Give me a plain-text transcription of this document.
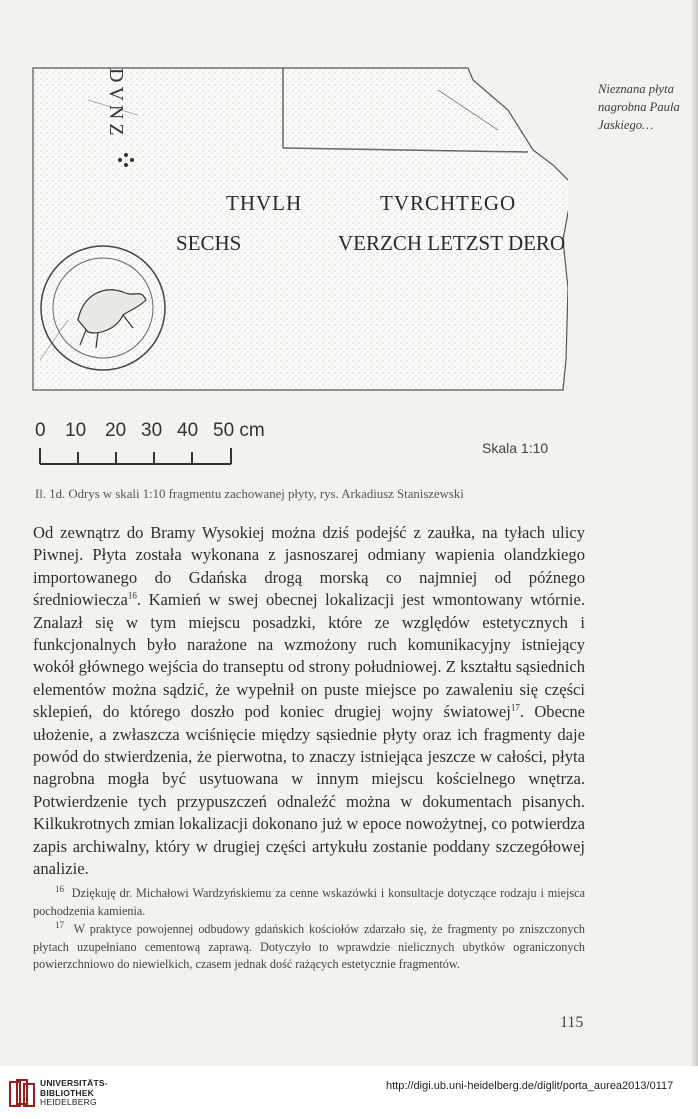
DVNZ
THVLH	TVRCHTEGO
SECHS	VERZCH LETZST DERO
0 10 20 30 40 50 cm
Skala 1:10
Nieznana płyta nagrobna Paula Jaskiego…
Il. 1d. Odrys w skali 1:10 fragmentu zachowanej płyty, rys. Arkadiusz Staniszewski

Od zewnątrz do Bramy Wysokiej można dziś podejść z zaułka, na tyłach ulicy Piwnej. Płyta została wykonana z jasnoszarej odmiany wapienia olandzkiego importowanego do Gdańska drogą morską co najmniej od późnego średniowiecza$^{16}$. Kamień w swej obecnej lokalizacji jest wmontowany wtórnie. Znalazł się w tym miejscu posadzki, które ze względów estetycznych i funkcjonalnych było narażone na wzmożony ruch komunikacyjny istniejący wokół głównego wejścia do transeptu od strony południowej. Z kształtu sąsiednich elementów można sądzić, że wypełnił on puste miejsce po zawaleniu się części sklepień, do którego doszło pod koniec drugiej wojny światowej$^{17}$. Obecne ułożenie, a zwłaszcza wciśnięcie między sąsiednie płyty oraz ich fragmenty daje powód do stwierdzenia, że pierwotna, to znaczy istniejąca jeszcze w całości, płyta nagrobna mogła być usytuowana w innym miejscu kościelnego wnętrza. Potwierdzenie tych przypuszczeń odnaleźć można w dokumentach pisanych. Kilkukrotnych zmian lokalizacji dokonano już w epoce nowożytnej, co potwierdza zapis archiwalny, który w drugiej części artykułu zostanie poddany szczegółowej analizie.

$^{16}$ Dziękuję dr. Michałowi Wardzyńskiemu za cenne wskazówki i konsultacje dotyczące rodzaju i miejsca pochodzenia kamienia.

$^{17}$ W praktyce powojennej odbudowy gdańskich kościołów zdarzało się, że fragmenty po zniszczonych płytach uzupełniano cementową zaprawą. Dotyczyło to wprawdzie nielicznych ubytków ograniczonych powierzchniowo do niewielkich, czasem jednak dość rażących estetycznie fragmentów.

115
UNIVERSITÄTS-
BIBLIOTHEK
HEIDELBERG
http://digi.ub.uni-heidelberg.de/diglit/porta_aurea2013/0117
